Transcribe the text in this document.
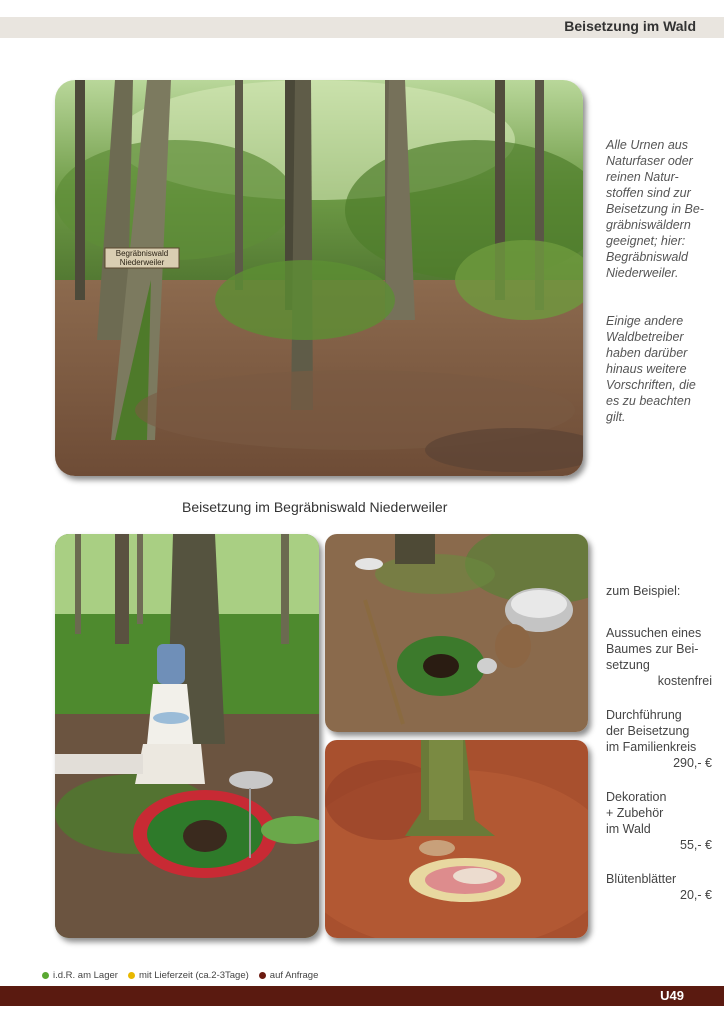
Beisetzung im Wald
Begräbniswald
Niederweiler

Alle Urnen aus

Naturfaser oder

reinen Natur-

stoffen sind zur

Beisetzung in Be-

gräbniswäldern

geeignet; hier:

Begräbniswald

Niederweiler.

Einige andere

Waldbetreiber

haben darüber

hinaus weitere

Vorschriften, die

es zu beachten

gilt.

Beisetzung im Begräbniswald Niederweiler

zum Beispiel:

Aussuchen eines
Baumes zur Bei-
setzung
kostenfrei
Durchführung
der Beisetzung
im Familienkreis
290,- €
Dekoration
+ Zubehör
im Wald
55,- €
Blütenblätter
20,- €
i.d.R. am Lager mit Lieferzeit (ca.2-3Tage) auf Anfrage
U49
